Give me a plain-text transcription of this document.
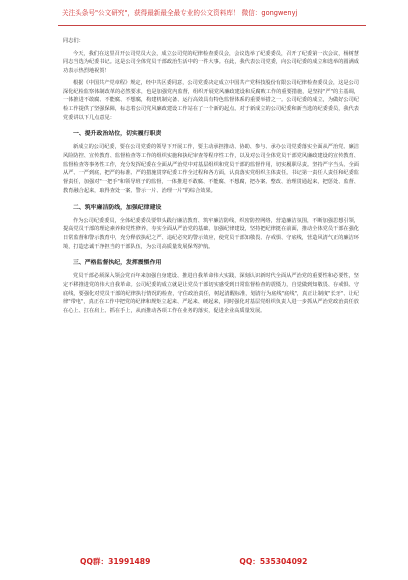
关注头条号"公文研究"，获得最新最全最专业的公文资料库！ 微信：gongwenyj
同志们：

今天，我们在这里召开公司党员大会，成立公司党的纪律检查委员会，会议选举了纪委委员，召开了纪委第一次会议，杨树慧同志当选为纪委书记。这是公司全体党员干部政治生活中的一件大事。在此，我代表公司党委，向公司纪委的成立和选举的圆满成功表示热烈地祝贺！

根据《中国共产党章程》规定，经中共区委同意，公司党委决定成立中国共产党科技股份有限公司纪律检查委员会，这是公司深化纪检监察体制改革的必然要求，也是加强党内监督，组织开展党风廉政建设和反腐败工作的重要措施，是坚持"严"的主基调，一体推进不敢腐、不能腐、不想腐，构建机制完备、运行高效具有特色监督体系的重要举措之一。公司纪委的成立，为做好公司纪检工作提供了坚强保障，标志着公司党风廉政建设工作站在了一个新的起点。对于新成立的公司纪委和新当选的纪委委员，我代表党委讲以下几点意见：

一、提升政治站位，切实履行职责

新成立的公司纪委，要在公司党委的领导下开展工作，要主动承担推动、协助、参与、承办公司党委落实全面从严治党、廉洁风险防控、宣传教育、监督检查等工作的组织实施和执纪审查等程序性工作，以及对公司全体党员干部党风廉政建设的宣传教育、监督检查等事务性工作，充分发挥纪委在全面从严治党中对基层组织和党员干部的监督作用，切实履职尽责。坚持严字当头、全面从严、一严到底，把严的标准、严的措施贯穿纪委工作全过程和各方面，认真落实党组织主体责任。书记第一责任人责任和纪委监督责任，加强对"一把手"和领导班子的监督，一体推进不敢腐、不能腐、不想腐，把办案、整改、治理贯通起来，把惩处、监督、教育融合起来，取得查处一案、警示一片、治理一片"的综合效果。

二、筑牢廉洁防线，加强纪律建设

作为公司纪委委员，全体纪委委员要带头践行廉洁教育、筑牢廉洁防线，织密防控网络，营造廉洁氛围，不断加强思想引领，提高党员干部的理论素养和党性修养，夯实全面从严治党的基础，加强纪律建设，坚持把纪律挺在前面，推动全体党员干部在强化日常监督和警示教育中，充分释放执纪之严、违纪必究的警示效应，使党员干部知敬畏、存戒惧、守底线，营造风清气正的廉洁环境，打造忠诚干净担当的干部队伍，为公司高质量发展保驾护航。

三、严格监督执纪，发挥震慑作用

党员干部必须深入领会党百年来加强自身建设、推进自我革命伟大实践，深刻认识新时代全面从严治党的重要性和必要性，坚定不移推进党的伟大自我革命。公司纪委的成立就是让党员干部切实感受到日常监督检查的震慑力，自觉做到知敬畏、存戒惧、守底线，要强化对党员干部的纪律执行情况的检查，守住政治责任，树起清醒标准，划清行为底线"底线"，真正让制度"长牙"、让纪律"带电"，真正在工作中把党的纪律和规矩立起来、严起来、硬起来，同时强化对基层党组织负责人进一步抓从严治党政治责任放在心上、扛在肩上、抓在手上，从而推动各项工作在业务的落实，促进企业高质量发展。

QQ群：31991489	QQ：535304092
